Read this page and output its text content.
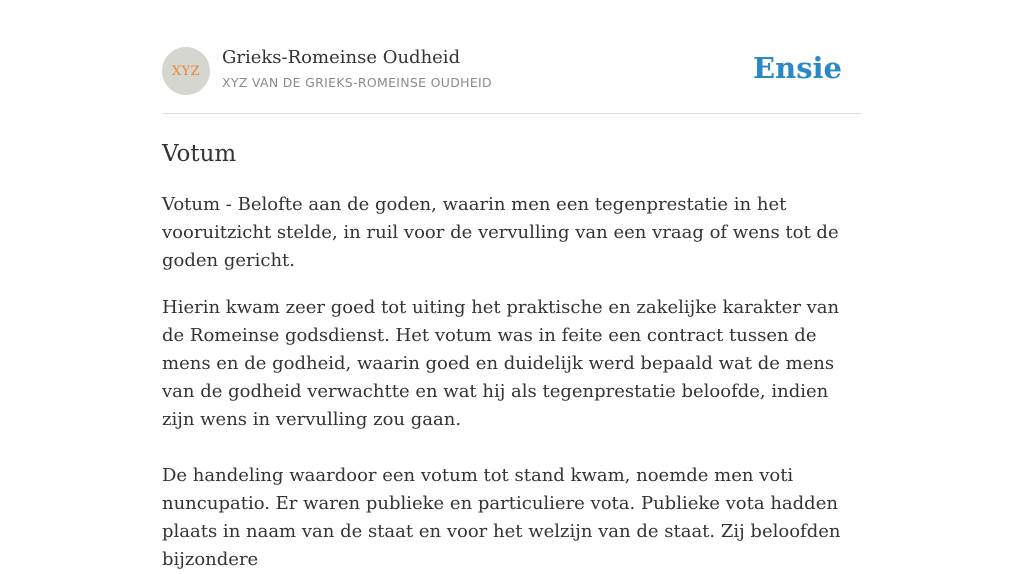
XYZ
Grieks-Romeinse Oudheid
XYZ VAN DE GRIEKS-ROMEINSE OUDHEID	Ensie
Votum

Votum - Belofte aan de goden, waarin men een tegenprestatie in het vooruitzicht stelde, in ruil voor de vervulling van een vraag of wens tot de goden gericht.

Hierin kwam zeer goed tot uiting het praktische en zakelijke karakter van de Romeinse godsdienst. Het votum was in feite een contract tussen de mens en de godheid, waarin goed en duidelijk werd bepaald wat de mens van de godheid verwachtte en wat hij als tegenprestatie beloofde, indien zijn wens in vervulling zou gaan.

De handeling waardoor een votum tot stand kwam, noemde men voti nuncupatio. Er waren publieke en particuliere vota. Publieke vota hadden plaats in naam van de staat en voor het welzijn van de staat. Zij beloofden bijzondere
